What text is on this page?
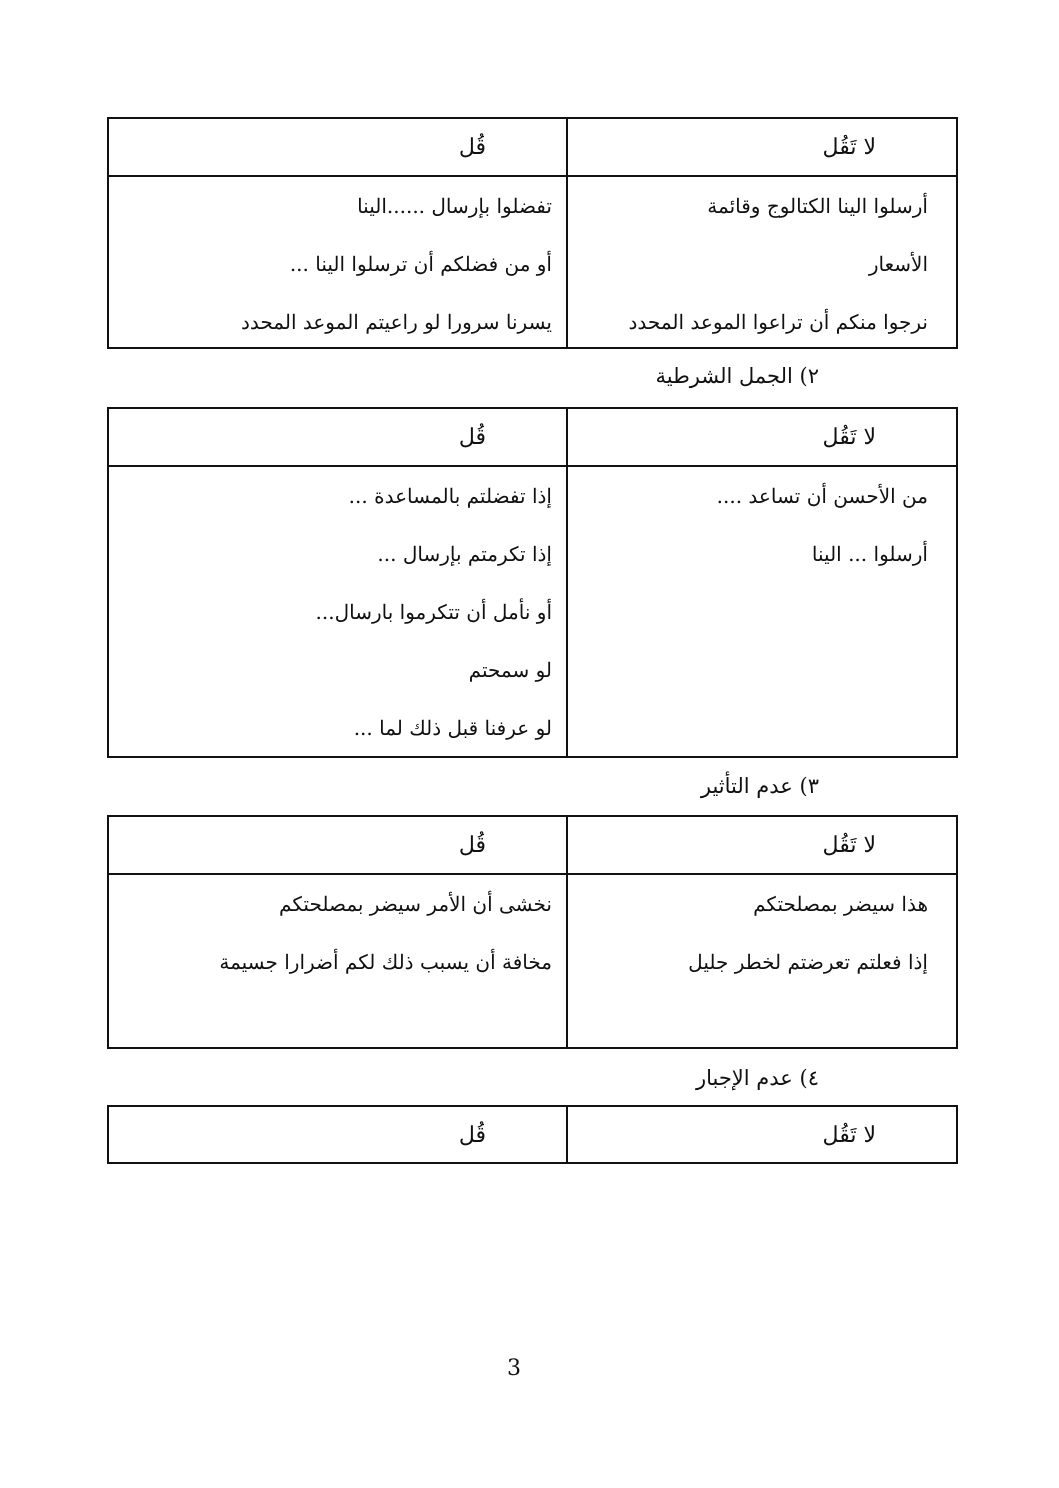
لا تَقُل
قُل
أرسلوا الينا الكتالوج وقائمة
الأسعار
نرجوا منكم أن تراعوا الموعد المحدد
تفضلوا بإرسال ......الينا
أو من فضلكم أن ترسلوا الينا ...
يسرنا سرورا لو راعيتم الموعد المحدد
٢) الجمل الشرطية
لا تَقُل
قُل
من الأحسن أن تساعد ....
أرسلوا ... الينا
إذا تفضلتم بالمساعدة ...
إذا تكرمتم بإرسال ...
أو نأمل أن تتكرموا بارسال...
لو سمحتم
لو عرفنا قبل ذلك لما ...
٣) عدم التأثير
لا تَقُل
قُل
هذا سيضر بمصلحتكم
إذا فعلتم تعرضتم لخطر جليل
نخشى أن الأمر سيضر بمصلحتكم
مخافة أن يسبب ذلك لكم أضرارا جسيمة
٤) عدم الإجبار
لا تَقُل
قُل
3
